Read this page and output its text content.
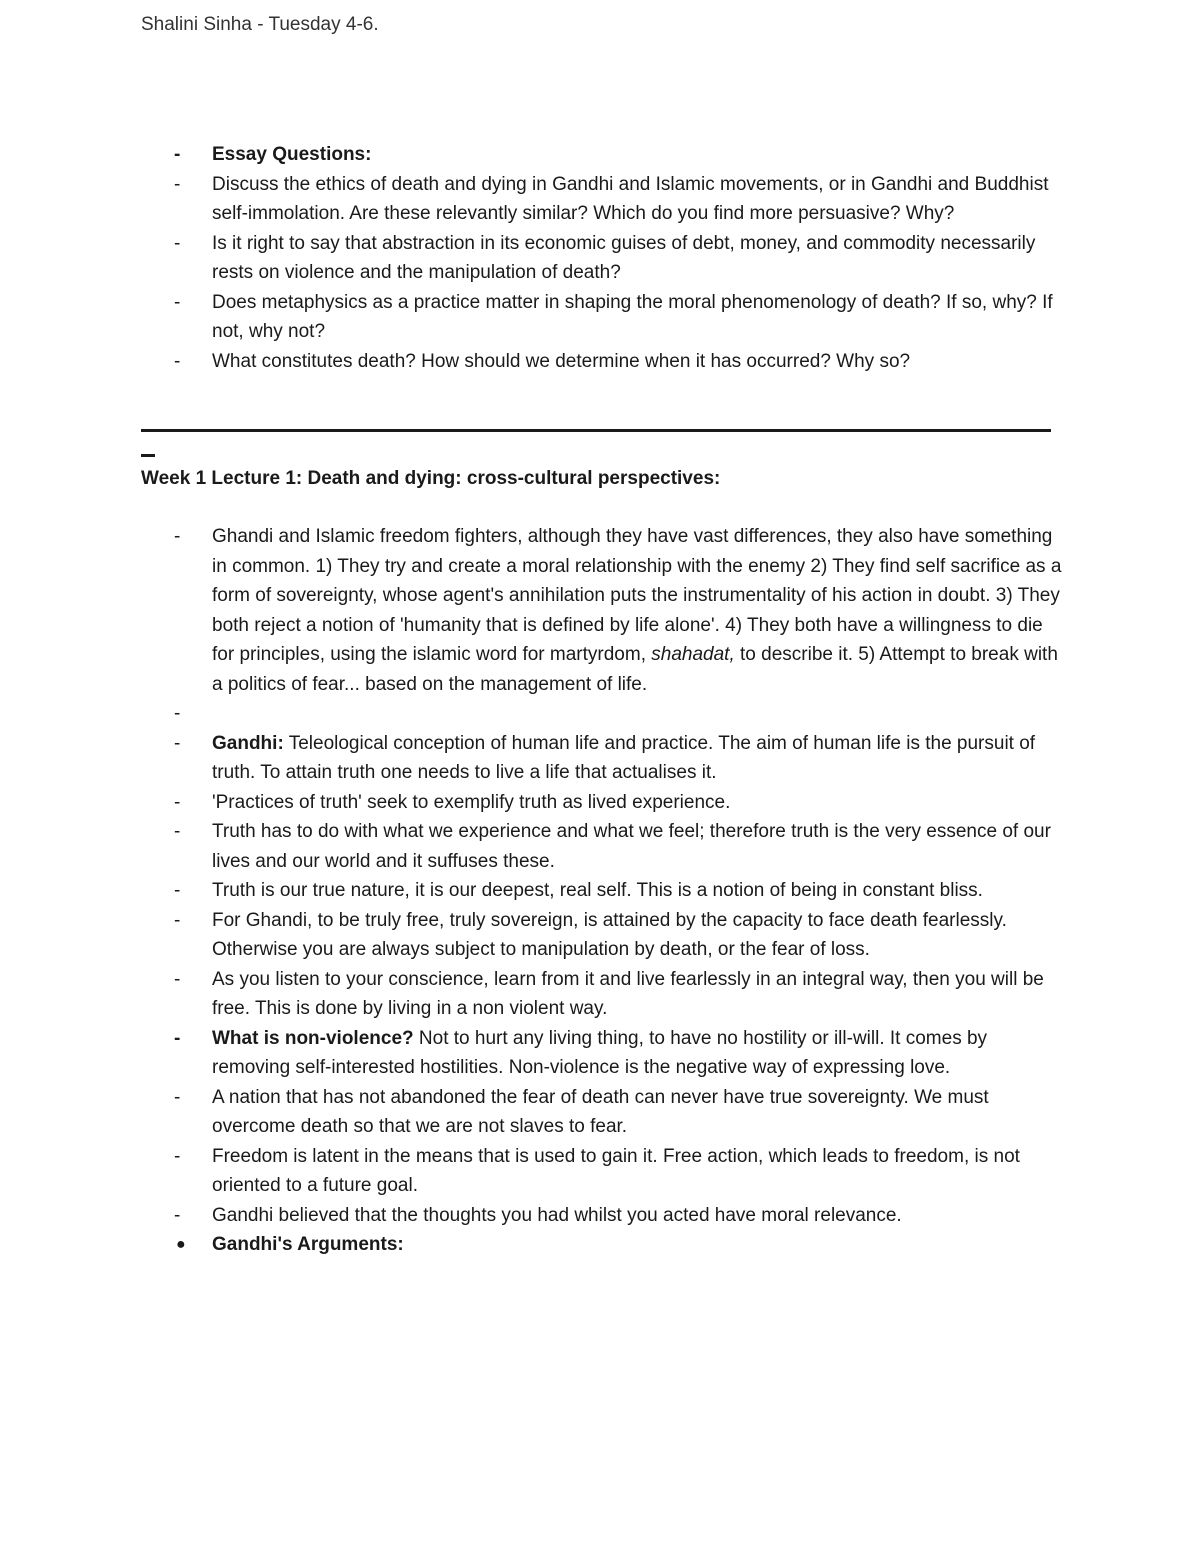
Shalini Sinha - Tuesday 4-6.
- Essay Questions:
- Discuss the ethics of death and dying in Gandhi and Islamic movements, or in Gandhi and Buddhist self-immolation. Are these relevantly similar? Which do you find more persuasive? Why?
- Is it right to say that abstraction in its economic guises of debt, money, and commodity necessarily rests on violence and the manipulation of death?
- Does metaphysics as a practice matter in shaping the moral phenomenology of death? If so, why? If not, why not?
- What constitutes death? How should we determine when it has occurred? Why so?
Week 1 Lecture 1: Death and dying: cross-cultural perspectives:
- Ghandi and Islamic freedom fighters, although they have vast differences, they also have something in common. 1) They try and create a moral relationship with the enemy 2) They find self sacrifice as a form of sovereignty, whose agent's annihilation puts the instrumentality of his action in doubt. 3) They both reject a notion of 'humanity that is defined by life alone'. 4) They both have a willingness to die for principles, using the islamic word for martyrdom, shahadat, to describe it. 5) Attempt to break with a politics of fear... based on the management of life.
-

- Gandhi: Teleological conception of human life and practice. The aim of human life is the pursuit of truth. To attain truth one needs to live a life that actualises it.
- 'Practices of truth' seek to exemplify truth as lived experience.
- Truth has to do with what we experience and what we feel; therefore truth is the very essence of our lives and our world and it suffuses these.
- Truth is our true nature, it is our deepest, real self. This is a notion of being in constant bliss.
- For Ghandi, to be truly free, truly sovereign, is attained by the capacity to face death fearlessly. Otherwise you are always subject to manipulation by death, or the fear of loss.
- As you listen to your conscience, learn from it and live fearlessly in an integral way, then you will be free. This is done by living in a non violent way.
- What is non-violence? Not to hurt any living thing, to have no hostility or ill-will. It comes by removing self-interested hostilities. Non-violence is the negative way of expressing love.
- A nation that has not abandoned the fear of death can never have true sovereignty. We must overcome death so that we are not slaves to fear.
- Freedom is latent in the means that is used to gain it. Free action, which leads to freedom, is not oriented to a future goal.
- Gandhi believed that the thoughts you had whilst you acted have moral relevance.
● Gandhi's Arguments:
